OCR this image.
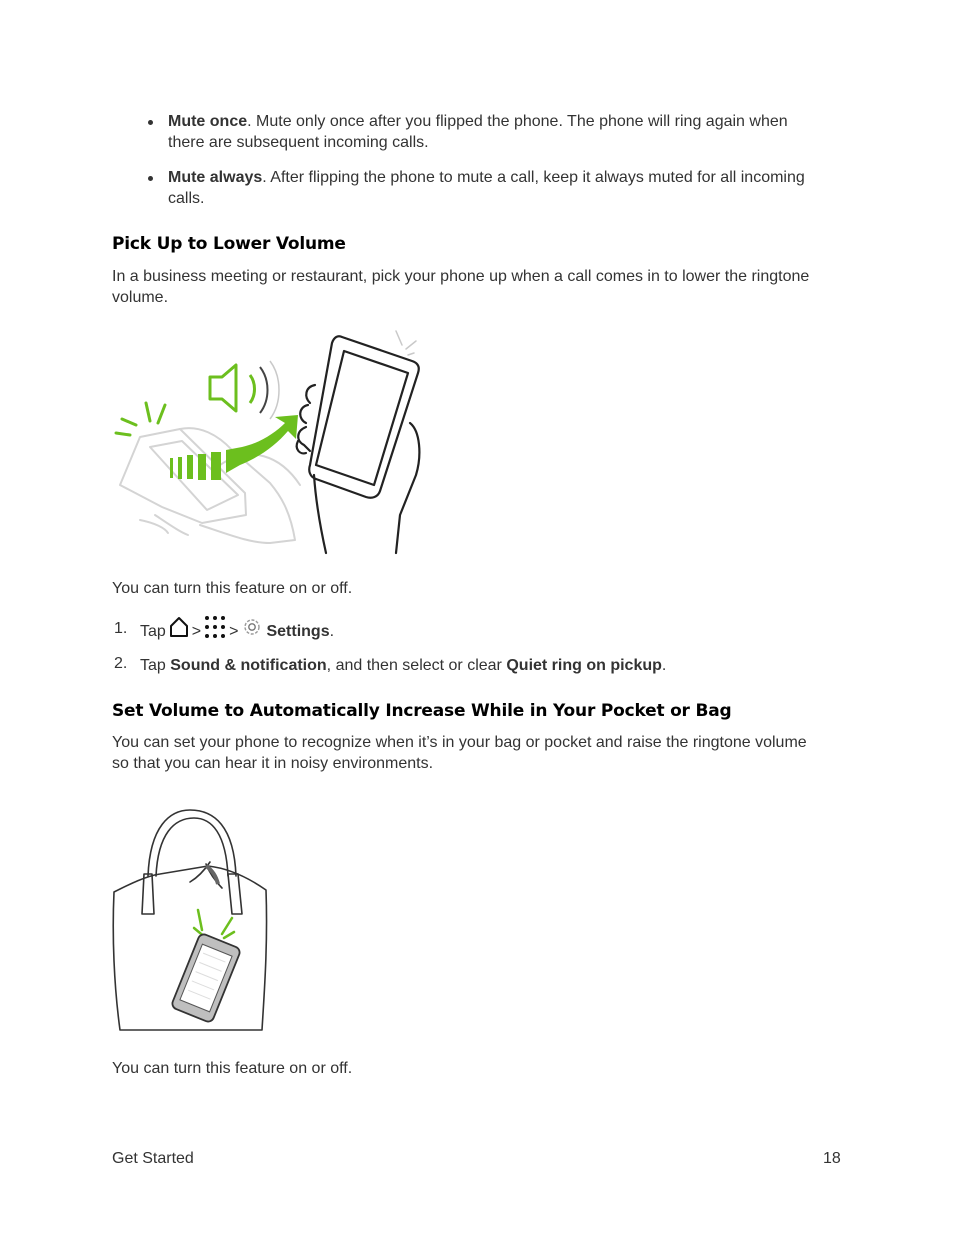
Mute once. Mute only once after you flipped the phone. The phone will ring again when
there are subsequent incoming calls.
Mute always. After flipping the phone to mute a call, keep it always muted for all incoming
calls.
Pick Up to Lower Volume
In a business meeting or restaurant, pick your phone up when a call comes in to lower the ringtone
volume.
You can turn this feature on or off.
1. Tap > > Settings .
2. Tap Sound & notification, and then select or clear Quiet ring on pickup.
Set Volume to Automatically Increase While in Your Pocket or Bag
You can set your phone to recognize when it’s in your bag or pocket and raise the ringtone volume
so that you can hear it in noisy environments.
You can turn this feature on or off.
Get Started	18
